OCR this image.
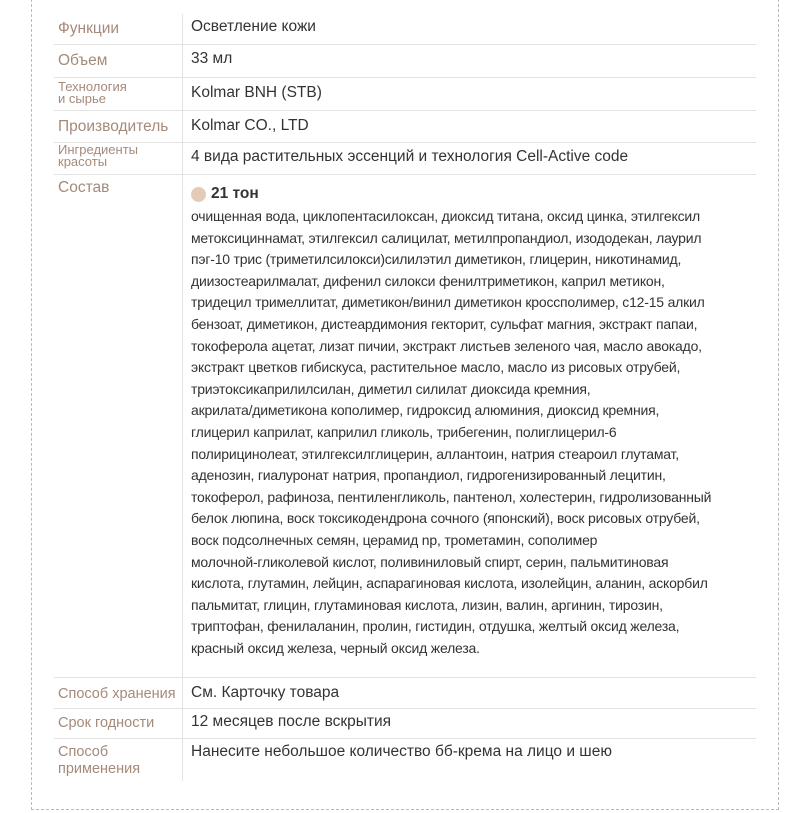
Функции	Осветление кожи
Объем	33 мл
Технология
и сырье	Kolmar BNH (STB)
Производитель Kolmar CO., LTD
Ингредиенты
красоты	4 вида растительных эссенций и технология Cell-Active code
Состав	21 тон
очищенная вода, циклопентасилоксан, диоксид титана, оксид цинка, этилгексил
метоксициннамат, этилгексил салицилат, метилпропандиол, изододекан, лаурил
пэг-10 трис (триметилсилокси)силилэтил диметикон, глицерин, никотинамид,
диизостеарилмалат, дифенил силокси фенилтриметикон, каприл метикон,
тридецил тримеллитат, диметикон/винил диметикон кроссполимер, с12-15 алкил
бензоат, диметикон, дистеардимония гекторит, сульфат магния, экстракт папаи,
токоферола ацетат, лизат пичии, экстракт листьев зеленого чая, масло авокадо,
экстракт цветков гибискуса, растительное масло, масло из рисовых отрубей,
триэтоксикаприлилсилан, диметил силилат диоксида кремния,
акрилата/диметикона кополимер, гидроксид алюминия, диоксид кремния,
глицерил каприлат, каприлил гликоль, трибегенин, полиглицерил-6
полирицинолеат, этилгексилглицерин, аллантоин, натрия стеароил глутамат,
аденозин, гиалуронат натрия, пропандиол, гидрогенизированный лецитин,
токоферол, рафиноза, пентиленгликоль, пантенол, холестерин, гидролизованный
белок люпина, воск токсикодендрона сочного (японский), воск рисовых отрубей,
воск подсолнечных семян, церамид np, трометамин, сополимер
молочной-гликолевой кислот, поливиниловый спирт, серин, пальмитиновая
кислота, глутамин, лейцин, аспарагиновая кислота, изолейцин, аланин, аскорбил
пальмитат, глицин, глутаминовая кислота, лизин, валин, аргинин, тирозин,
триптофан, фенилаланин, пролин, гистидин, отдушка, желтый оксид железа,
красный оксид железа, черный оксид железа.
Способ хранения См. Карточку товара
Срок годности 12 месяцев после вскрытия
Способ
применения
Нанесите небольшое количество бб-крема на лицо и шею
